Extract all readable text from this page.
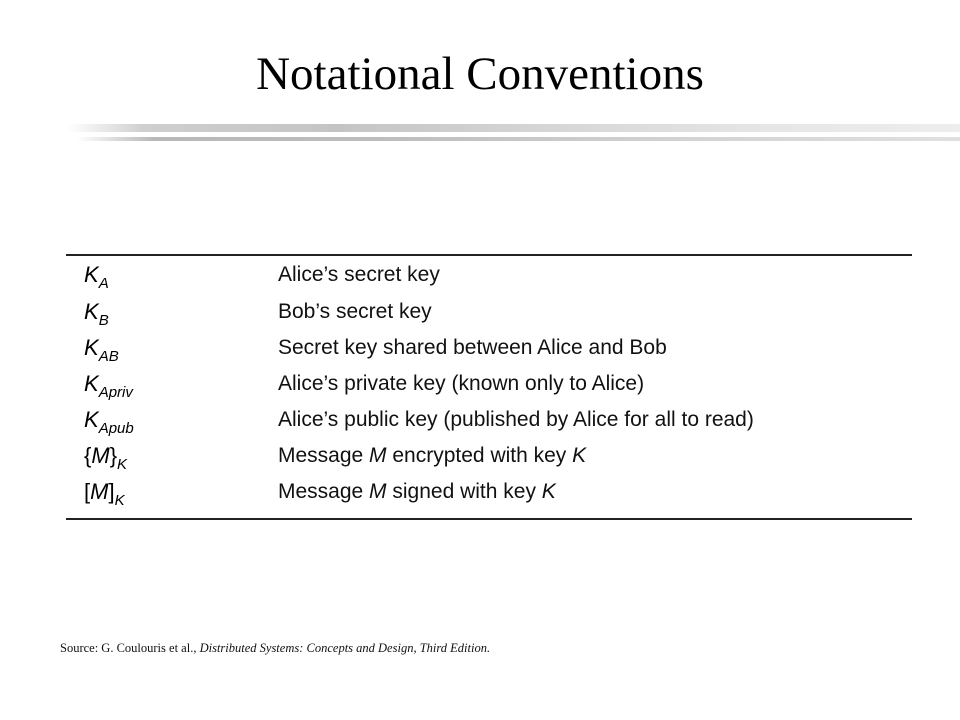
Notational Conventions
$K_A$	Alice’s secret key
$K_B$	Bob’s secret key
$K_{AB}$	Secret key shared between Alice and Bob
$K_{Apriv}$	Alice’s private key (known only to Alice)
$K_{Apub}$	Alice’s public key (published by Alice for all to read)
$\{M\}_K$	Message M encrypted with key K
$[M]_K$	Message M signed with key K
Source: G. Coulouris et al., Distributed Systems: Concepts and Design, Third Edition.
